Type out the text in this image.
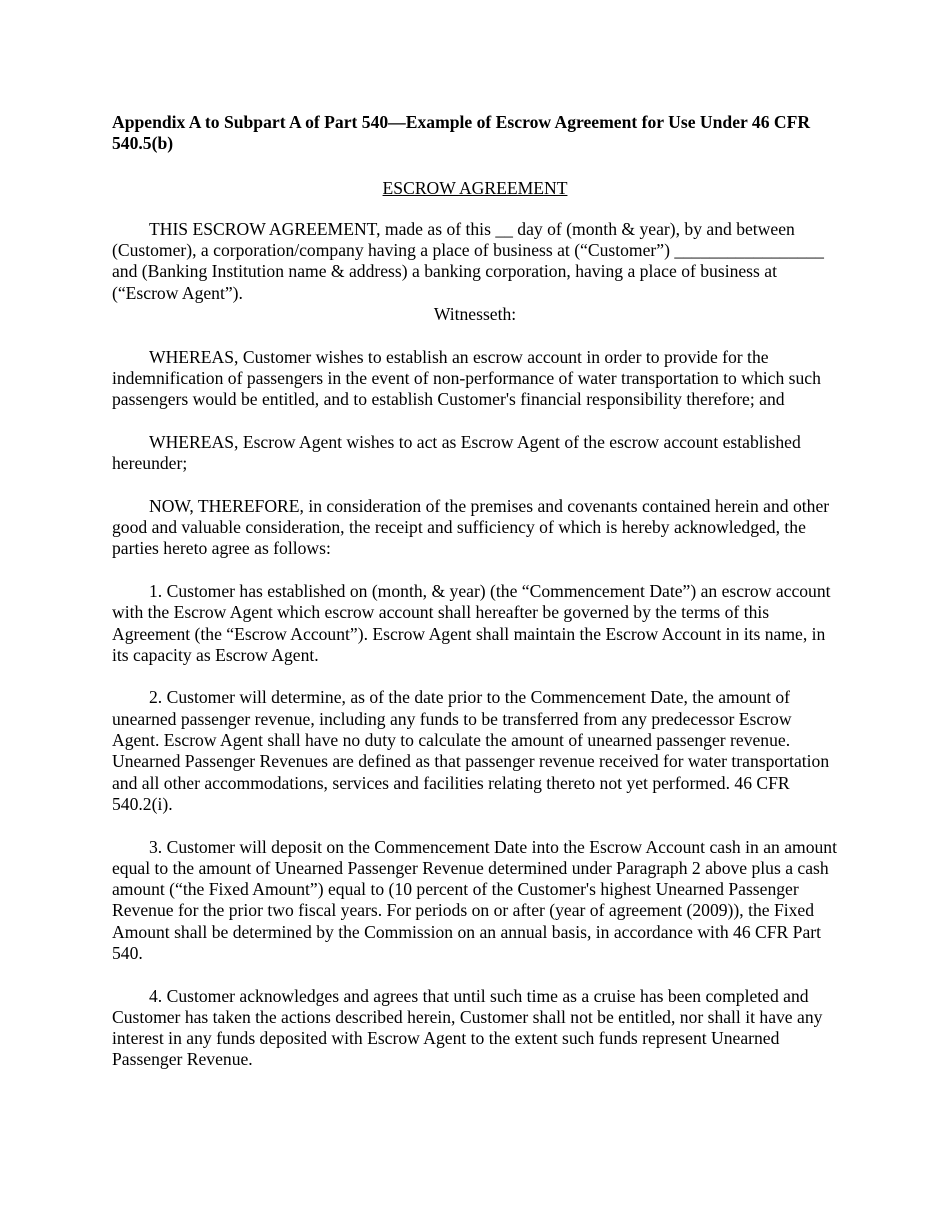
Appendix A to Subpart A of Part 540—Example of Escrow Agreement for Use Under 46 CFR 540.5(b)

ESCROW AGREEMENT

THIS ESCROW AGREEMENT, made as of this __ day of (month & year), by and between (Customer), a corporation/company having a place of business at (“Customer”) _________________ and (Banking Institution name & address) a banking corporation, having a place of business at (“Escrow Agent”).

Witnesseth:

WHEREAS, Customer wishes to establish an escrow account in order to provide for the indemnification of passengers in the event of non-performance of water transportation to which such passengers would be entitled, and to establish Customer's financial responsibility therefore; and

WHEREAS, Escrow Agent wishes to act as Escrow Agent of the escrow account established hereunder;

NOW, THEREFORE, in consideration of the premises and covenants contained herein and other good and valuable consideration, the receipt and sufficiency of which is hereby acknowledged, the parties hereto agree as follows:

1. Customer has established on (month, & year) (the “Commencement Date”) an escrow account with the Escrow Agent which escrow account shall hereafter be governed by the terms of this Agreement (the “Escrow Account”). Escrow Agent shall maintain the Escrow Account in its name, in its capacity as Escrow Agent.

2. Customer will determine, as of the date prior to the Commencement Date, the amount of unearned passenger revenue, including any funds to be transferred from any predecessor Escrow Agent. Escrow Agent shall have no duty to calculate the amount of unearned passenger revenue. Unearned Passenger Revenues are defined as that passenger revenue received for water transportation and all other accommodations, services and facilities relating thereto not yet performed. 46 CFR 540.2(i).

3. Customer will deposit on the Commencement Date into the Escrow Account cash in an amount equal to the amount of Unearned Passenger Revenue determined under Paragraph 2 above plus a cash amount (“the Fixed Amount”) equal to (10 percent of the Customer's highest Unearned Passenger Revenue for the prior two fiscal years. For periods on or after (year of agreement (2009)), the Fixed Amount shall be determined by the Commission on an annual basis, in accordance with 46 CFR Part 540.

4. Customer acknowledges and agrees that until such time as a cruise has been completed and Customer has taken the actions described herein, Customer shall not be entitled, nor shall it have any interest in any funds deposited with Escrow Agent to the extent such funds represent Unearned Passenger Revenue.
